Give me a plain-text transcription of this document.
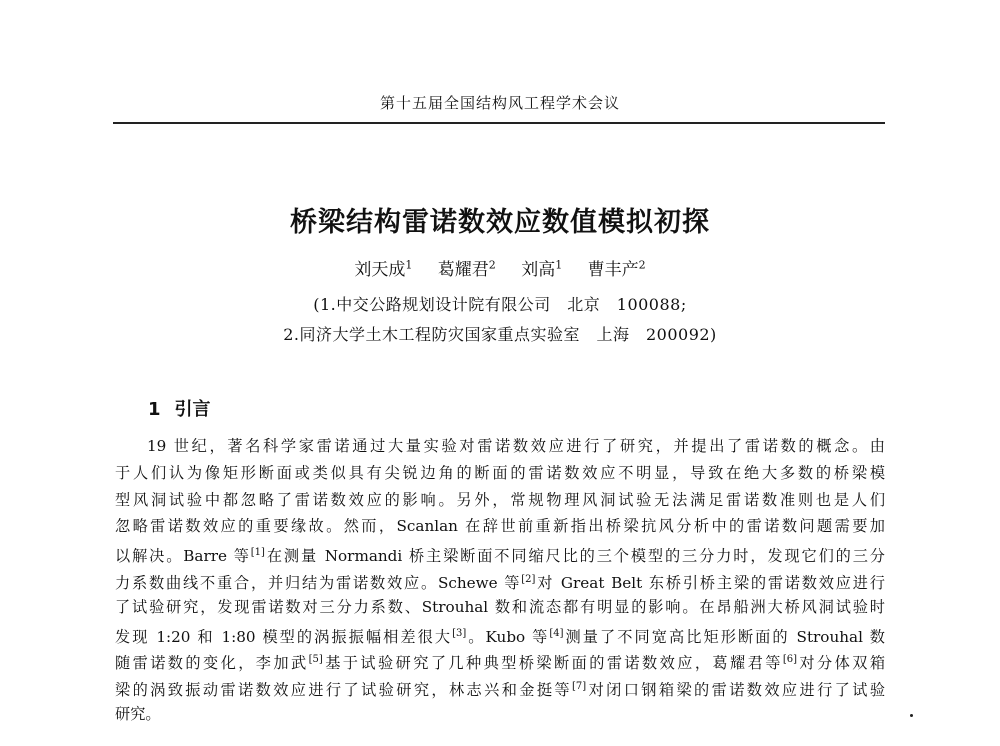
第十五届全国结构风工程学术会议
桥梁结构雷诺数效应数值模拟初探
刘天成$^1$ 葛耀君$^2$ 刘高$^1$ 曹丰产$^2$
(1.中交公路规划设计院有限公司　北京　100088;
2.同济大学土木工程防灾国家重点实验室　上海　200092)
1 引言
19 世纪，著名科学家雷诺通过大量实验对雷诺数效应进行了研究，并提出了雷诺数的概念。由
于人们认为像矩形断面或类似具有尖锐边角的断面的雷诺数效应不明显，导致在绝大多数的桥梁模
型风洞试验中都忽略了雷诺数效应的影响。另外，常规物理风洞试验无法满足雷诺数准则也是人们
忽略雷诺数效应的重要缘故。然而，Scanlan 在辞世前重新指出桥梁抗风分析中的雷诺数问题需要加
以解决。Barre 等[1]在测量 Normandi 桥主梁断面不同缩尺比的三个模型的三分力时，发现它们的三分
力系数曲线不重合，并归结为雷诺数效应。Schewe 等[2]对 Great Belt 东桥引桥主梁的雷诺数效应进行
了试验研究，发现雷诺数对三分力系数、Strouhal 数和流态都有明显的影响。在昂船洲大桥风洞试验时
发现 1:20 和 1:80 模型的涡振振幅相差很大[3]。Kubo 等[4]测量了不同宽高比矩形断面的 Strouhal 数
随雷诺数的变化，李加武[5]基于试验研究了几种典型桥梁断面的雷诺数效应，葛耀君等[6]对分体双箱
梁的涡致振动雷诺数效应进行了试验研究，林志兴和金挺等[7]对闭口钢箱梁的雷诺数效应进行了试验
研究。
